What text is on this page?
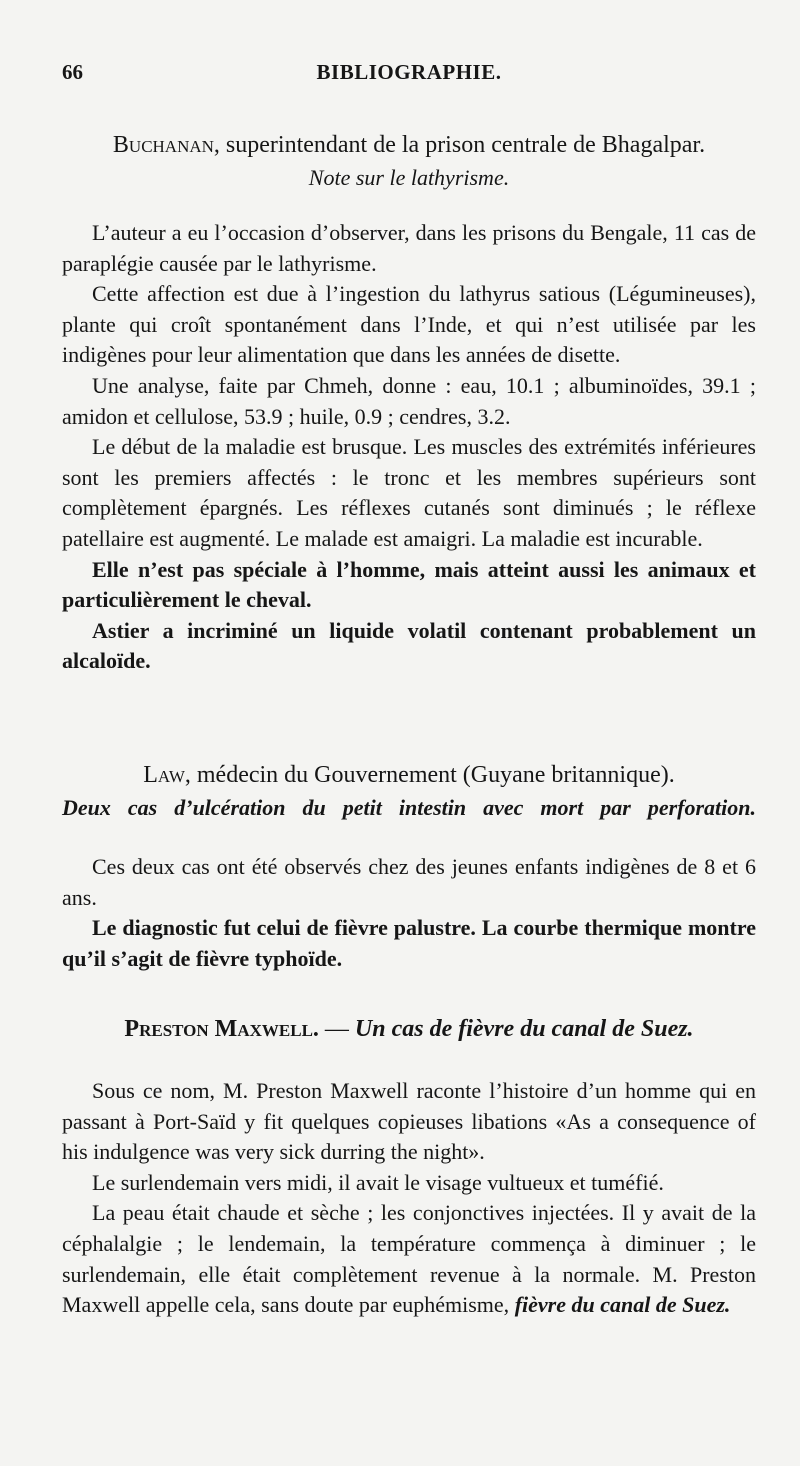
66	BIBLIOGRAPHIE.
Buchanan, superintendant de la prison centrale de Bhagalpar.
Note sur le lathyrisme.

L’auteur a eu l’occasion d’observer, dans les prisons du Bengale, 11 cas de paraplégie causée par le lathyrisme.

Cette affection est due à l’ingestion du lathyrus satious (Légumineuses), plante qui croît spontanément dans l’Inde, et qui n’est utilisée par les indigènes pour leur alimentation que dans les années de disette.

Une analyse, faite par Chmeh, donne : eau, 10.1 ; albuminoïdes, 39.1 ; amidon et cellulose, 53.9 ; huile, 0.9 ; cendres, 3.2.

Le début de la maladie est brusque. Les muscles des extrémités inférieures sont les premiers affectés : le tronc et les membres supérieurs sont complètement épargnés. Les réflexes cutanés sont diminués ; le réflexe patellaire est augmenté. Le malade est amaigri. La maladie est incurable.

Elle n’est pas spéciale à l’homme, mais atteint aussi les animaux et particulièrement le cheval.

Astier a incriminé un liquide volatil contenant probablement un alcaloïde.

Law, médecin du Gouvernement (Guyane britannique).
Deux cas d’ulcération du petit intestin avec mort par perforation.

Ces deux cas ont été observés chez des jeunes enfants indigènes de 8 et 6 ans.

Le diagnostic fut celui de fièvre palustre. La courbe thermique montre qu’il s’agit de fièvre typhoïde.

Preston Maxwell. — Un cas de fièvre du canal de Suez.

Sous ce nom, M. Preston Maxwell raconte l’histoire d’un homme qui en passant à Port-Saïd y fit quelques copieuses libations «As a consequence of his indulgence was very sick durring the night».

Le surlendemain vers midi, il avait le visage vultueux et tuméfié.

La peau était chaude et sèche ; les conjonctives injectées. Il y avait de la céphalalgie ; le lendemain, la température commença à diminuer ; le surlendemain, elle était complètement revenue à la normale. M. Preston Maxwell appelle cela, sans doute par euphémisme, fièvre du canal de Suez.
